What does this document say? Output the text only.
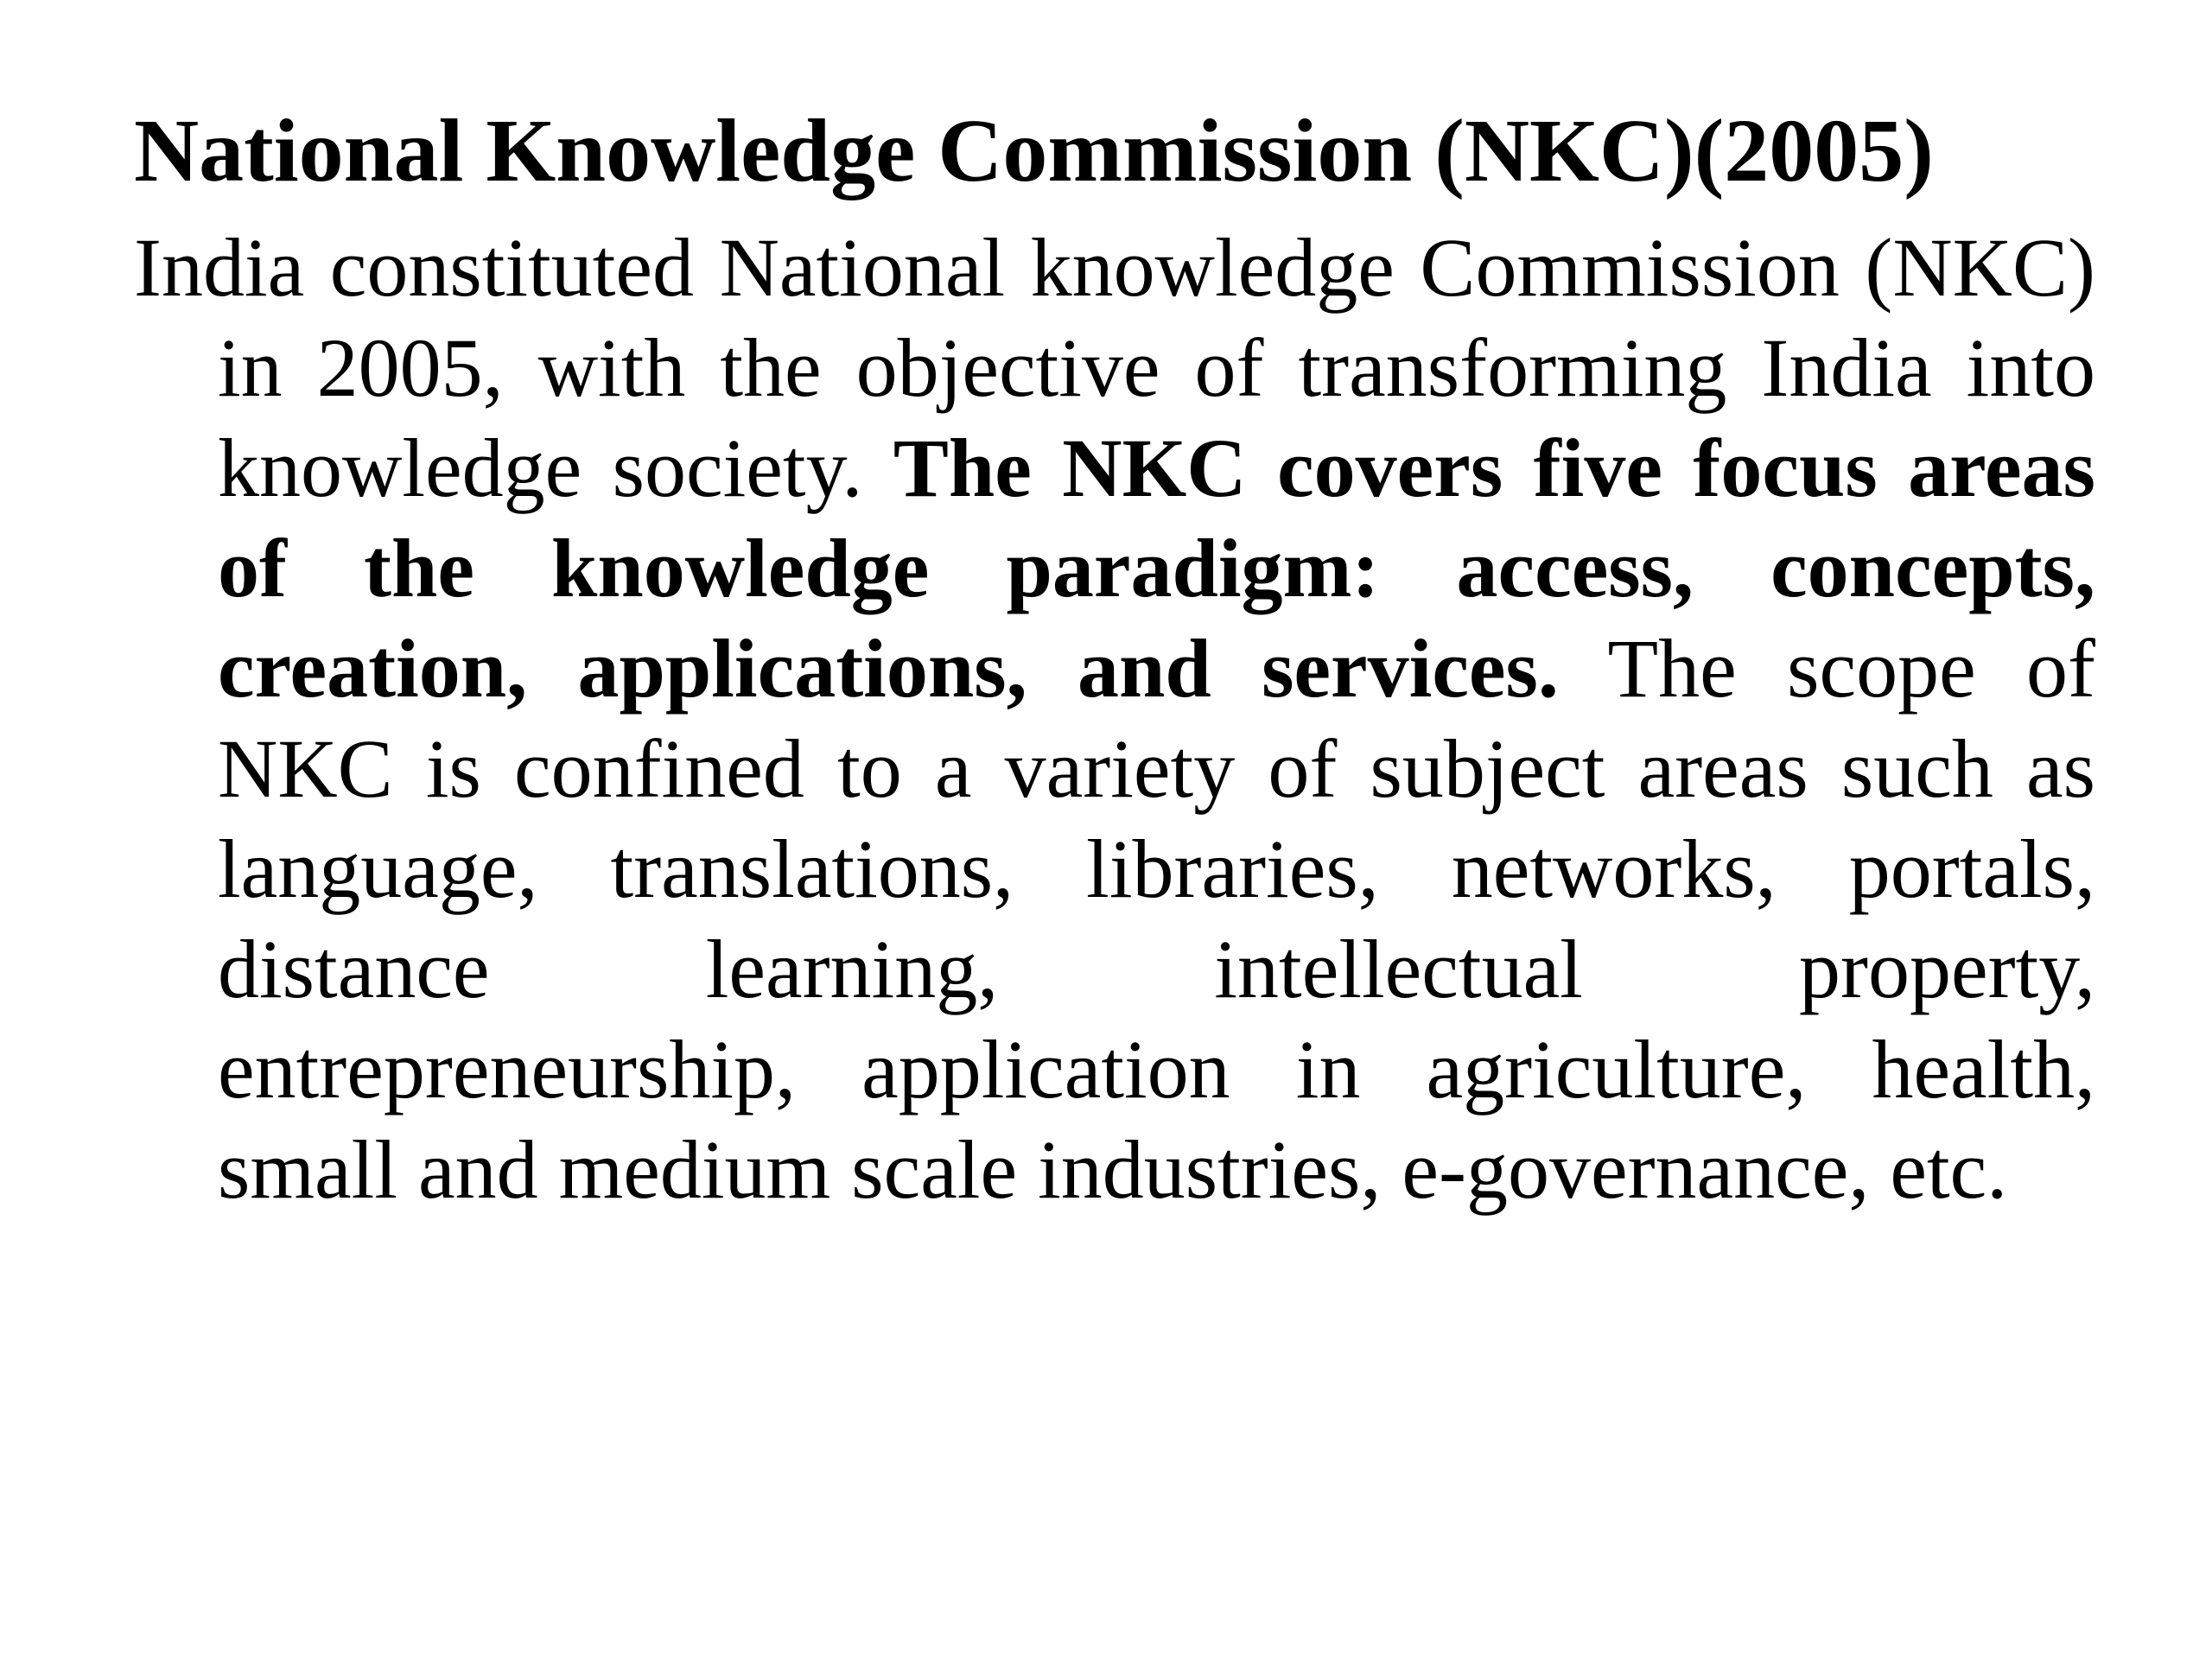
National Knowledge Commission (NKC)(2005)

India constituted National knowledge Commission (NKC) in 2005, with the objective of transforming India into knowledge society. The NKC covers five focus areas of the knowledge paradigm: access, concepts, creation, applications, and services. The scope of NKC is confined to a variety of subject areas such as language, translations, libraries, networks, portals, distance learning, intellectual property, entrepreneurship, application in agriculture, health, small and medium scale industries, e-governance, etc.
